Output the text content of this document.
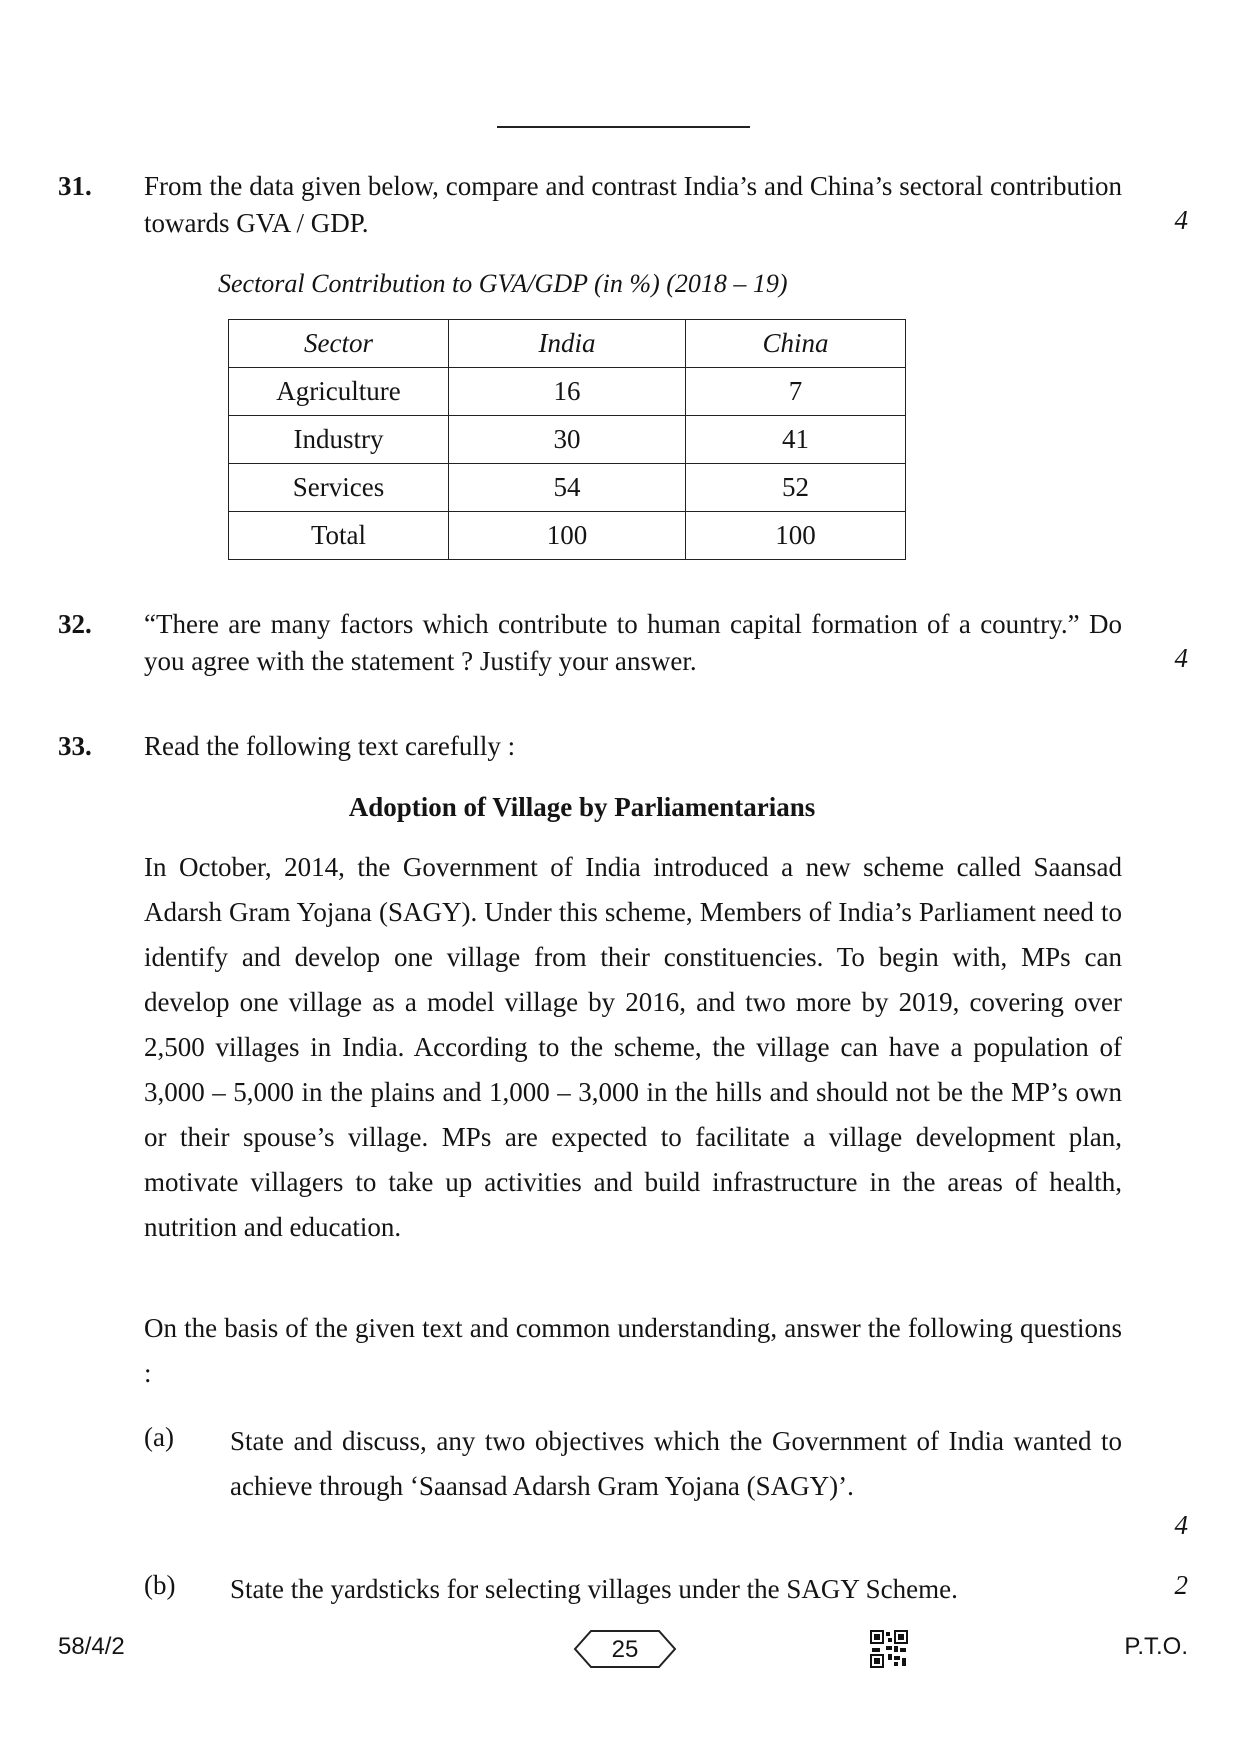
31. From the data given below, compare and contrast India’s and China’s sectoral contribution towards GVA / GDP.	4
Sectoral Contribution to GVA/GDP (in %) (2018 – 19)
Sector	India	China
Agriculture	16	7
Industry	30	41
Services	54	52
Total	100	100
32. “There are many factors which contribute to human capital formation of a country.” Do you agree with the statement ? Justify your answer.	4
33. Read the following text carefully :
Adoption of Village by Parliamentarians
In October, 2014, the Government of India introduced a new scheme called Saansad Adarsh Gram Yojana (SAGY). Under this scheme, Members of India’s Parliament need to identify and develop one village from their constituencies. To begin with, MPs can develop one village as a model village by 2016, and two more by 2019, covering over 2,500 villages in India. According to the scheme, the village can have a population of 3,000 – 5,000 in the plains and 1,000 – 3,000 in the hills and should not be the MP’s own or their spouse’s village. MPs are expected to facilitate a village development plan, motivate villagers to take up activities and build infrastructure in the areas of health, nutrition and education.
On the basis of the given text and common understanding, answer the following questions :
(a) State and discuss, any two objectives which the Government of India wanted to achieve through ‘Saansad Adarsh Gram Yojana (SAGY)’.
4
(b) State the yardsticks for selecting villages under the SAGY Scheme.	2
58/4/2	25	P.T.O.
